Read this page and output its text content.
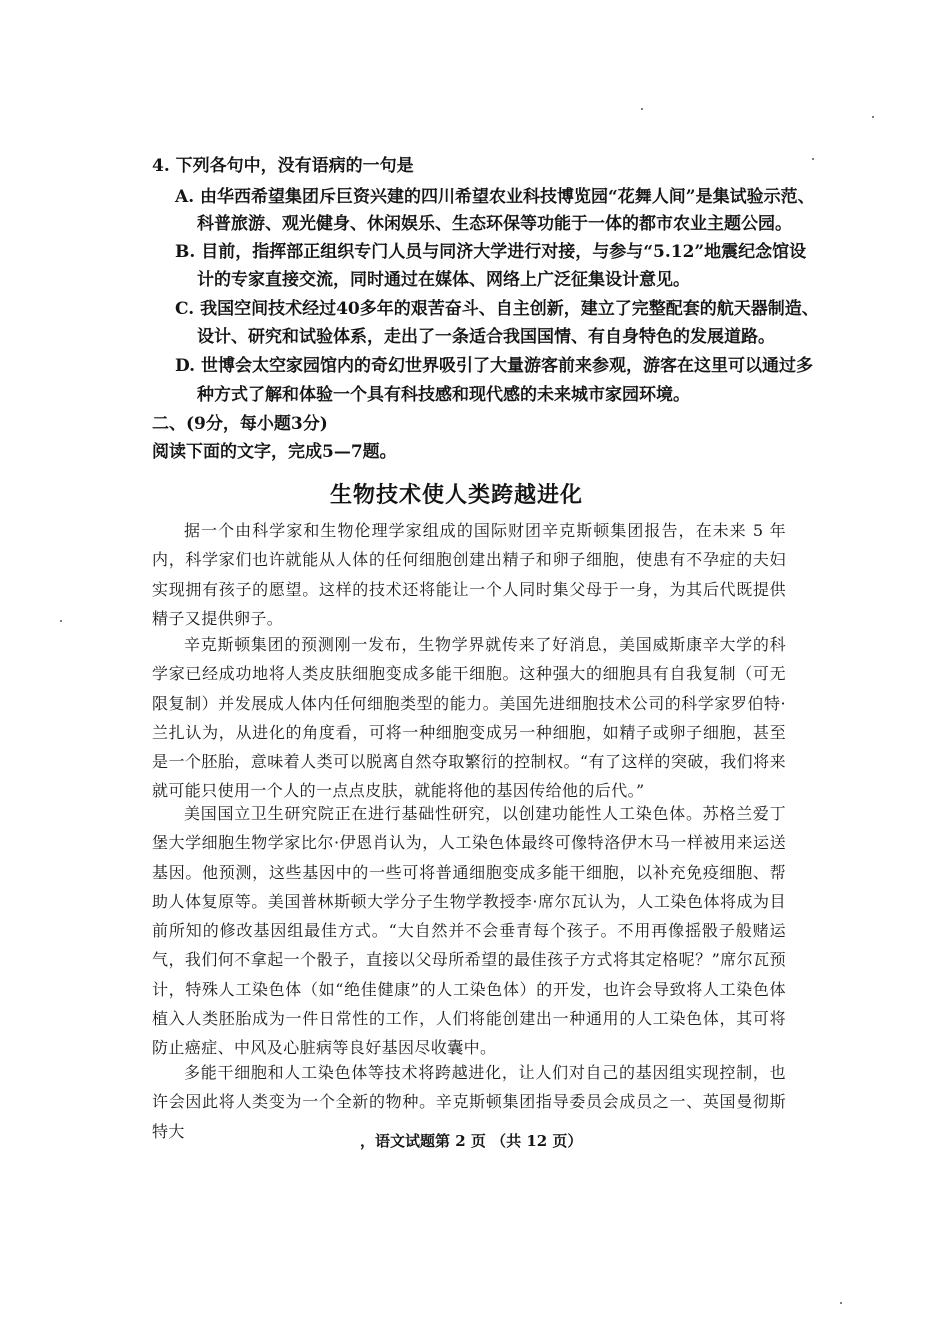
4. 下列各句中，没有语病的一句是
A. 由华西希望集团斥巨资兴建的四川希望农业科技博览园“花舞人间”是集试验示范、
科普旅游、观光健身、休闲娱乐、生态环保等功能于一体的都市农业主题公园。
B. 目前，指挥部正组织专门人员与同济大学进行对接，与参与“5.12”地震纪念馆设
计的专家直接交流，同时通过在媒体、网络上广泛征集设计意见。
C. 我国空间技术经过40多年的艰苦奋斗、自主创新，建立了完整配套的航天器制造、
设计、研究和试验体系，走出了一条适合我国国情、有自身特色的发展道路。
D. 世博会太空家园馆内的奇幻世界吸引了大量游客前来参观，游客在这里可以通过多
种方式了解和体验一个具有科技感和现代感的未来城市家园环境。
二、(9分，每小题3分)
阅读下面的文字，完成5—7题。
生物技术使人类跨越进化
据一个由科学家和生物伦理学家组成的国际财团辛克斯顿集团报告，在未来 5 年内，科学家们也许就能从人体的任何细胞创建出精子和卵子细胞，使患有不孕症的夫妇实现拥有孩子的愿望。这样的技术还将能让一个人同时集父母于一身，为其后代既提供精子又提供卵子。
辛克斯顿集团的预测刚一发布，生物学界就传来了好消息，美国威斯康辛大学的科学家已经成功地将人类皮肤细胞变成多能干细胞。这种强大的细胞具有自我复制（可无限复制）并发展成人体内任何细胞类型的能力。美国先进细胞技术公司的科学家罗伯特·兰扎认为，从进化的角度看，可将一种细胞变成另一种细胞，如精子或卵子细胞，甚至是一个胚胎，意味着人类可以脱离自然夺取繁衍的控制权。“有了这样的突破，我们将来就可能只使用一个人的一点点皮肤，就能将他的基因传给他的后代。”
美国国立卫生研究院正在进行基础性研究，以创建功能性人工染色体。苏格兰爱丁堡大学细胞生物学家比尔·伊恩肖认为，人工染色体最终可像特洛伊木马一样被用来运送基因。他预测，这些基因中的一些可将普通细胞变成多能干细胞，以补充免疫细胞、帮助人体复原等。美国普林斯顿大学分子生物学教授李·席尔瓦认为，人工染色体将成为目前所知的修改基因组最佳方式。“大自然并不会垂青每个孩子。不用再像摇骰子般赌运气，我们何不拿起一个骰子，直接以父母所希望的最佳孩子方式将其定格呢？”席尔瓦预计，特殊人工染色体（如“绝佳健康”的人工染色体）的开发，也许会导致将人工染色体植入人类胚胎成为一件日常性的工作，人们将能创建出一种通用的人工染色体，其可将防止癌症、中风及心脏病等良好基因尽收囊中。
多能干细胞和人工染色体等技术将跨越进化，让人们对自己的基因组实现控制，也许会因此将人类变为一个全新的物种。辛克斯顿集团指导委员会成员之一、英国曼彻斯特大
，语文试题第 2 页 （共 12 页）
